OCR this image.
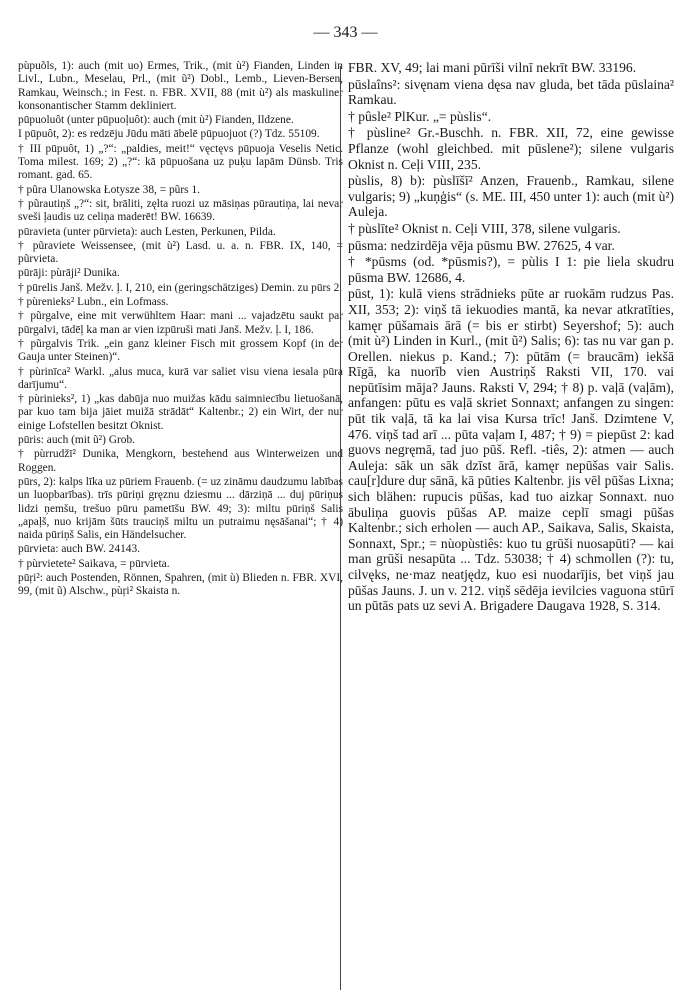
— 343 —

pùpuõls, 1): auch (mit uo) Ermes, Trik., (mit ù²) Fianden, Linden in Livl., Lubn., Meselau, Prl., (mit ũ²) Dobl., Lemb., Lieven-Bersen, Ramkau, Weinsch.; in Fest. n. FBR. XVII, 88 (mit ù²) als maskuliner konsonantischer Stamm dekliniert.

pūpuoluôt (unter pūpuoļuôt): auch (mit ù²) Fianden, Ildzene.

I pūpuôt, 2): es redzēju Jūdu māti ābelē pūpuojuot (?) Tdz. 55109.

† III pūpuôt, 1) „?“: „paldies, meit!“ vęctęvs pūpuoja Veselis Netic. Toma milest. 169; 2) „?“: kā pūpuošana uz puķu lapām Dünsb. Tris romant. gad. 65.

† pũra Ulanowska Łotysze 38, = pũrs 1.

† pũrautiņš „?“: sit, brāliti, zęlta ruozi uz māsiņas pūrautiņa, lai nevar sveši ļaudis uz celiņa maderēt! BW. 16639.

pūravieta (unter pūrvieta): auch Lesten, Perkunen, Pilda.

† pũraviete Weissensee, (mit ù²) Lasd. u. a. n. FBR. IX, 140, = pũrvieta.

pūrāji: pùrāji² Dunika.

† pūrelis Janš. Mežv. ļ. I, 210, ein (geringschätziges) Demin. zu pūrs 2.

† pùrenieks² Lubn., ein Lofmass.

† pũrgalve, eine mit verwühltem Haar: mani ... vajadzētu saukt par pūrgalvi, tādēļ ka man ar vien izpūruši mati Janš. Mežv. ļ. I, 186.

† pũrgalvis Trik. „ein ganz kleiner Fisch mit grossem Kopf (in der Gauja unter Steinen)“.

† pùrinīca² Warkl. „alus muca, kurā var saliet visu viena iesala pūra darījumu“.

† pùrinieks², 1) „kas dabūja nuo muižas kādu saimniecību lietuošanā, par kuo tam bija jāiet muižā strādāt“ Kaltenbr.; 2) ein Wirt, der nur einige Lofstellen besitzt Oknist.

pūris: auch (mit ũ²) Grob.

† pùrrudžī² Dunika, Mengkorn, bestehend aus Winterweizen und Roggen.

pūrs, 2): kalps līka uz pūriem Frauenb. (= uz zināmu daudzumu labības un luopbarības). trīs pūriņi gręznu dziesmu ... dārziņā ... duj pūriņus lidzi ņemšu, trešuo pūru pametīšu BW. 49; 3): miltu pūriņš Salis „apaļš, nuo krijām šūts trauciņš miltu un putraimu nęsāšanai“; † 4) naida pūriņš Salis, ein Händelsucher.

pūrvieta: auch BW. 24143.

† pùrvietete² Saikava, = pūrvieta.

pūŗi²: auch Postenden, Rönnen, Spahren, (mit ù) Blieden n. FBR. XVI, 99, (mit ũ) Alschw., pùŗi² Skaista n.

FBR. XV, 49; lai mani pūrīši vilnī nekrīt BW. 33196.

pūslaîns²: sivęnam viena dęsa nav gluda, bet tāda pūslaina² Ramkau.

† pûsle² PlKur. „= pùslis“.

† pùsline² Gr.-Buschh. n. FBR. XII, 72, eine gewisse Pflanze (wohl gleichbed. mit pūslene²); silene vulgaris Oknist n. Ceļi VIII, 235.

pùslis, 8) b): pùslīšī² Anzen, Frauenb., Ramkau, silene vulgaris; 9) „kuņģis“ (s. ME. III, 450 unter 1): auch (mit ù²) Auleja.

† pùslīte² Oknist n. Ceļi VIII, 378, silene vulgaris.

pūsma: nedzirdēja vēja pūsmu BW. 27625, 4 var.

† *pūsms (od. *pūsmis?), = pùlis I 1: pie liela skudru pūsma BW. 12686, 4.

pūst, 1): kulā viens strādnieks pūte ar ruokām rudzus Pas. XII, 353; 2): viņš tā iekuodies mantā, ka nevar atkratīties, kamęr pūšamais ārā (= bis er stirbt) Seyershof; 5): auch (mit ù²) Linden in Kurl., (mit ũ²) Salis; 6): tas nu var gan p. Orellen. niekus p. Kand.; 7): pūtām (= braucām) iekšā Rīgā, ka nuorīb vien Austriņš Raksti VII, 170. vai nepūtīsim māja? Jauns. Raksti V, 294; † 8) p. vaļā (vaļām), anfangen: pūtu es vaļā skriet Sonnaxt; anfangen zu singen: pūt tik vaļā, tā ka lai visa Kursa trīc! Janš. Dzimtene V, 476. viņš tad arī ... pūta vaļam I, 487; † 9) = piepūst 2: kad guovs negręmā, tad juo pūš. Refl. -tiês, 2): atmen — auch Auleja: sāk un sāk dzīst ārā, kamęr nepūšas vair Salis. cau[r]dure duŗ sānā, kā pūties Kaltenbr. jis vēl pūšas Lixna; sich blähen: rupucis pūšas, kad tuo aizkaŗ Sonnaxt. nuo ābuliņa guovis pūšas AP. maize ceplī smagi pūšas Kaltenbr.; sich erholen — auch AP., Saikava, Salis, Skaista, Sonnaxt, Spr.; = nùopùstiês: kuo tu grūši nuosapūti? — kai man grūši nesapūta ... Tdz. 53038; † 4) schmollen (?): tu, cilvęks, ne·maz neatjędz, kuo esi nuodarījis, bet viņš jau pūšas Jauns. J. un v. 212. viņš sēdēja ievilcies vaguona stūrī un pūtās pats uz sevi A. Brigadere Daugava 1928, S. 314.
